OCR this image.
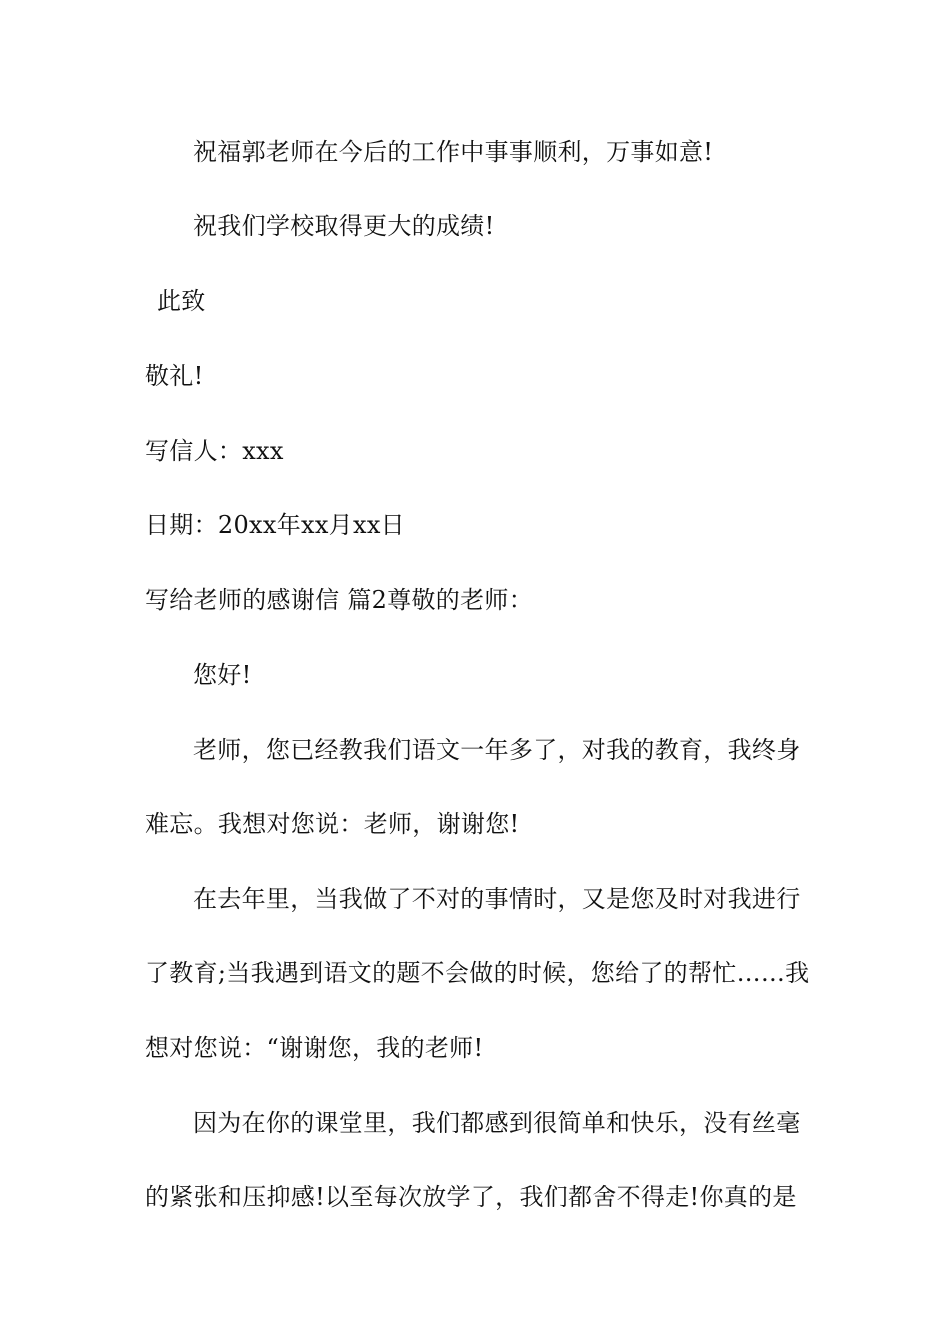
祝福郭老师在今后的工作中事事顺利，万事如意!
祝我们学校取得更大的成绩!
此致
敬礼!
写信人：xxx
日期：20xx年xx月xx日
写给老师的感谢信 篇2尊敬的老师：
您好!
老师，您已经教我们语文一年多了，对我的教育，我终身
难忘。我想对您说：老师，谢谢您!
在去年里，当我做了不对的事情时，又是您及时对我进行
了教育;当我遇到语文的题不会做的时候，您给了的帮忙……我
想对您说：“谢谢您，我的老师!
因为在你的课堂里，我们都感到很简单和快乐，没有丝毫
的紧张和压抑感!以至每次放学了，我们都舍不得走!你真的是
